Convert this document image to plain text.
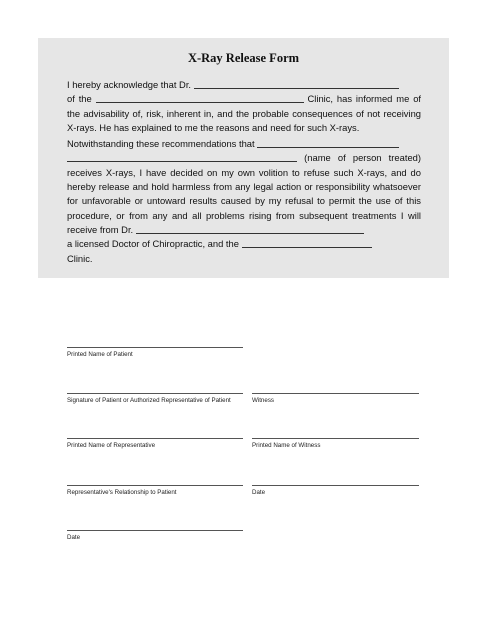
X-Ray Release Form

I hereby acknowledge that Dr.
of the	Clinic, has informed me of the advisability of, risk, inherent in, and the probable consequences of not receiving X-rays. He has explained to me the reasons and need for such X-rays.

Notwithstanding these recommendations that
(name of person treated) receives X-rays, I have decided on my own volition to refuse such X-rays, and do hereby release and hold harmless from any legal action or responsibility whatsoever for unfavorable or untoward results caused by my refusal to permit the use of this procedure, or from any and all problems rising from subsequent treatments I will receive from Dr.
a licensed Doctor of Chiropractic, and the
Clinic.

Printed Name of Patient
Signature of Patient or Authorized Representative of Patient	Witness
Printed Name of Representative	Printed Name of Witness
Representative's Relationship to Patient	Date
Date
